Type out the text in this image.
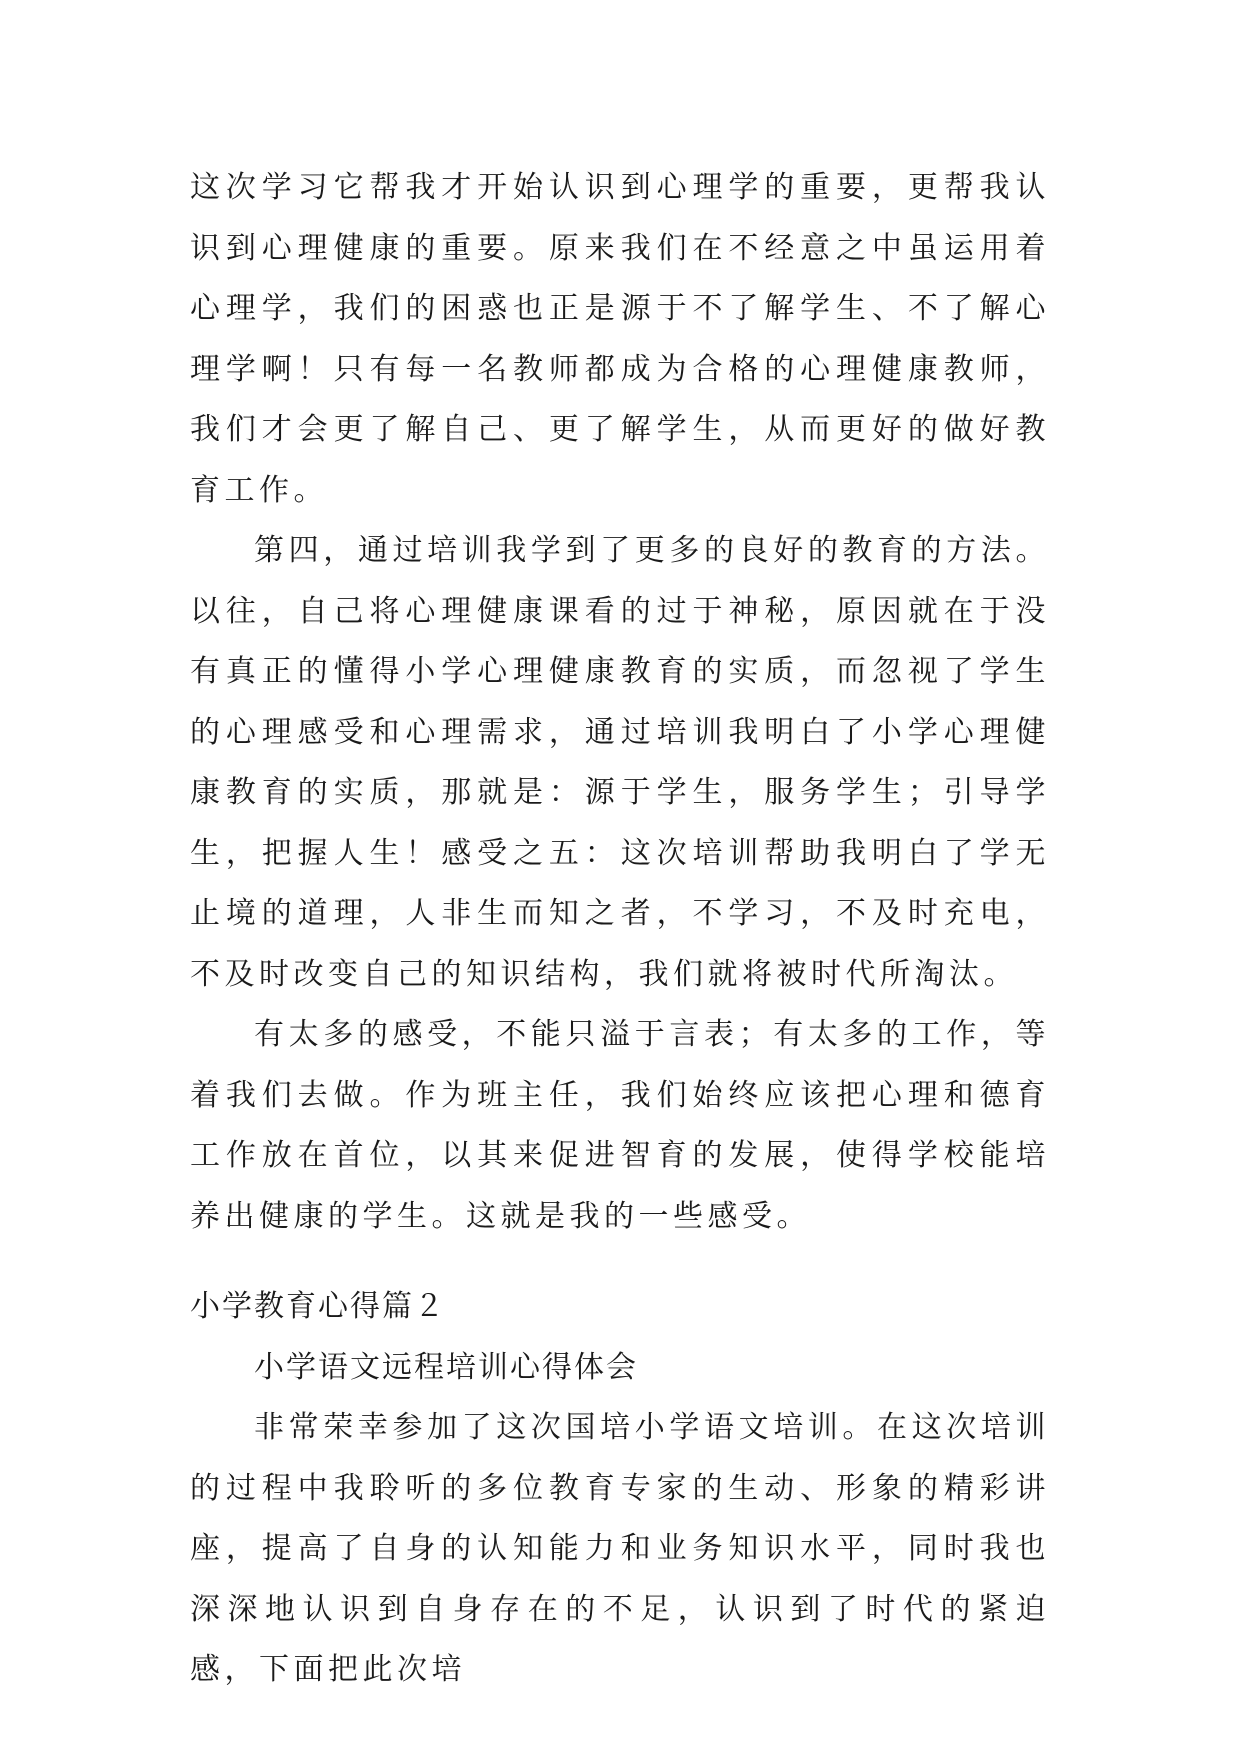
这次学习它帮我才开始认识到心理学的重要，更帮我认识到心理健康的重要。原来我们在不经意之中虽运用着心理学，我们的困惑也正是源于不了解学生、不了解心理学啊！只有每一名教师都成为合格的心理健康教师，我们才会更了解自己、更了解学生，从而更好的做好教育工作。

第四，通过培训我学到了更多的良好的教育的方法。以往，自己将心理健康课看的过于神秘，原因就在于没有真正的懂得小学心理健康教育的实质，而忽视了学生的心理感受和心理需求，通过培训我明白了小学心理健康教育的实质，那就是：源于学生，服务学生；引导学生，把握人生！感受之五：这次培训帮助我明白了学无止境的道理，人非生而知之者，不学习，不及时充电，不及时改变自己的知识结构，我们就将被时代所淘汰。

有太多的感受，不能只溢于言表；有太多的工作，等着我们去做。作为班主任，我们始终应该把心理和德育工作放在首位，以其来促进智育的发展，使得学校能培养出健康的学生。这就是我的一些感受。

小学教育心得篇２

小学语文远程培训心得体会

非常荣幸参加了这次国培小学语文培训。在这次培训的过程中我聆听的多位教育专家的生动、形象的精彩讲座，提高了自身的认知能力和业务知识水平，同时我也深深地认识到自身存在的不足，认识到了时代的紧迫感，下面把此次培
